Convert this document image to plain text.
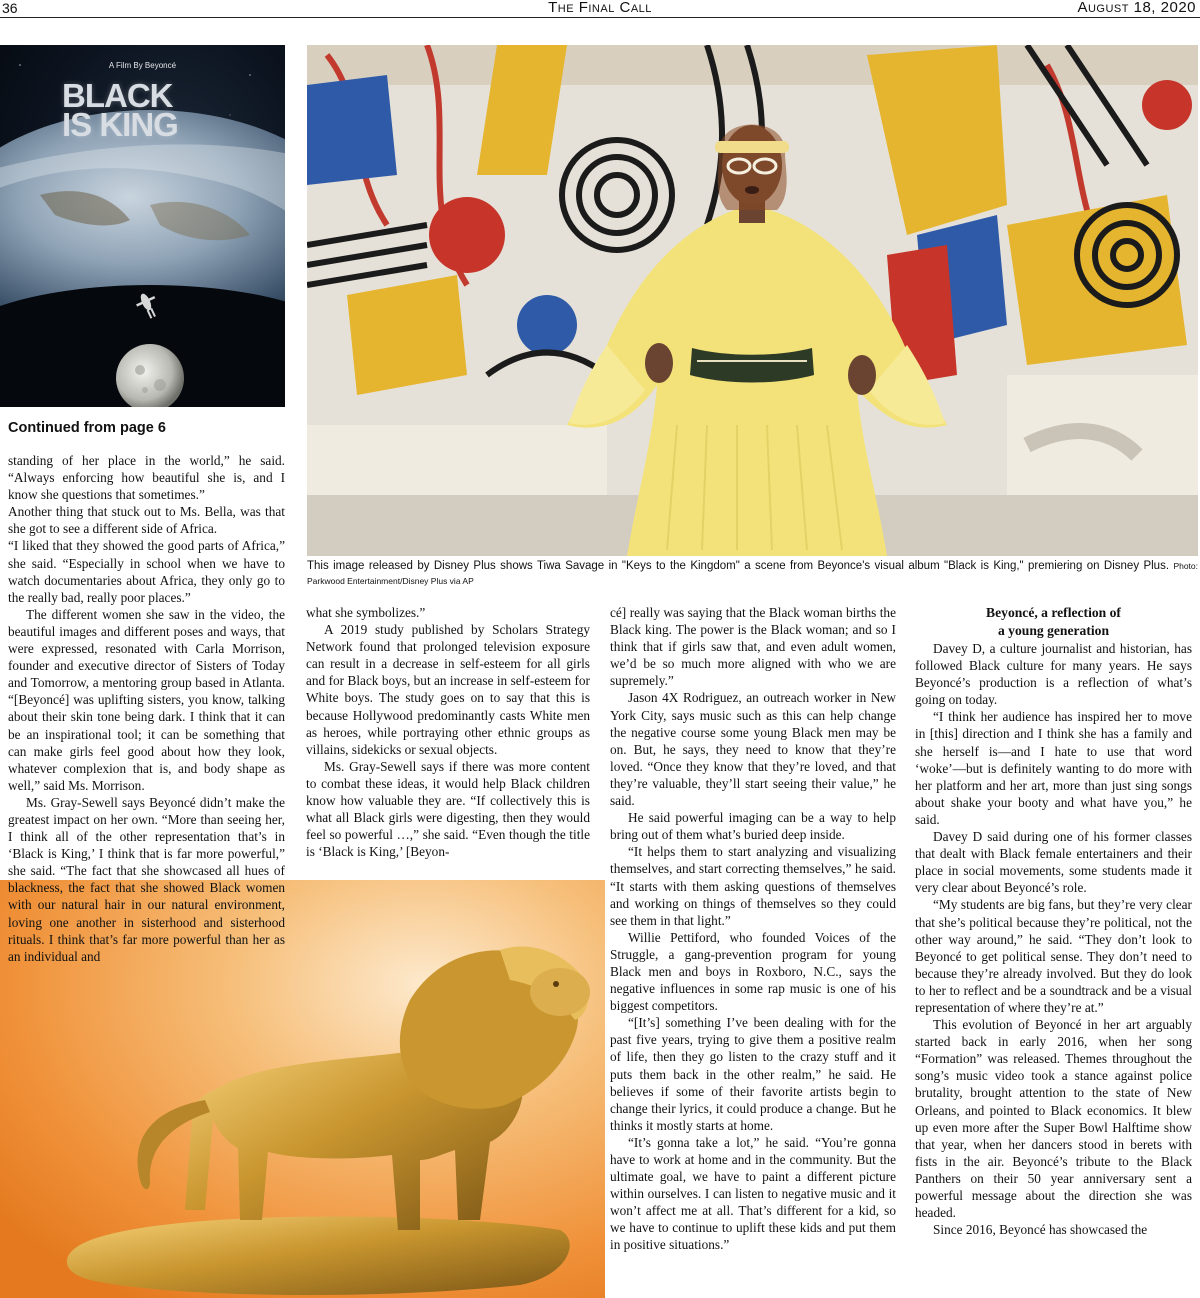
36	The Final Call	August 18, 2020
A Film By Beyoncé
BLACK
IS KING
This image released by Disney Plus shows Tiwa Savage in "Keys to the Kingdom" a scene from Beyonce's visual album "Black is King," premiering on Disney Plus. Photo: Parkwood Entertainment/Disney Plus via AP
Continued from page 6

standing of her place in the world,” he said. “Always enforcing how beautiful she is, and I know she questions that sometimes.”

Another thing that stuck out to Ms. Bella, was that she got to see a different side of Africa.

“I liked that they showed the good parts of Africa,” she said. “Especially in school when we have to watch documentaries about Africa, they only go to the really bad, really poor places.”

The different women she saw in the video, the beautiful images and different poses and ways, that were expressed, resonated with Carla Morrison, founder and executive director of Sisters of Today and Tomorrow, a mentoring group based in Atlanta. “[Beyoncé] was uplifting sisters, you know, talking about their skin tone being dark. I think that it can be an inspirational tool; it can be something that can make girls feel good about how they look, whatever complexion that is, and body shape as well,” said Ms. Morrison.

Ms. Gray-Sewell says Beyoncé didn’t make the greatest impact on her own. “More than seeing her, I think all of the other representation that’s in ‘Black is King,’ I think that is far more powerful,” she said. “The fact that she showcased all hues of blackness, the fact that she showed Black women with our natural hair in our natural environment, loving one another in sisterhood and sisterhood rituals. I think that’s far more powerful than her as an individual and

what she symbolizes.”

A 2019 study published by Scholars Strategy Network found that prolonged television exposure can result in a decrease in self-esteem for all girls and for Black boys, but an increase in self-esteem for White boys. The study goes on to say that this is because Hollywood predominantly casts White men as heroes, while portraying other ethnic groups as villains, sidekicks or sexual objects.

Ms. Gray-Sewell says if there was more content to combat these ideas, it would help Black children know how valuable they are. “If collectively this is what all Black girls were digesting, then they would feel so powerful …,” she said. “Even though the title is ‘Black is King,’ [Beyon-

cé] really was saying that the Black woman births the Black king. The power is the Black woman; and so I think that if girls saw that, and even adult women, we’d be so much more aligned with who we are supremely.”

Jason 4X Rodriguez, an outreach worker in New York City, says music such as this can help change the negative course some young Black men may be on. But, he says, they need to know that they’re loved. “Once they know that they’re loved, and that they’re valuable, they’ll start seeing their value,” he said.

He said powerful imaging can be a way to help bring out of them what’s buried deep inside.

“It helps them to start analyzing and visualizing themselves, and start correcting themselves,” he said. “It starts with them asking questions of themselves and working on things of themselves so they could see them in that light.”

Willie Pettiford, who founded Voices of the Struggle, a gang-prevention program for young Black men and boys in Roxboro, N.C., says the negative influences in some rap music is one of his biggest competitors.

“[It’s] something I’ve been dealing with for the past five years, trying to give them a positive realm of life, then they go listen to the crazy stuff and it puts them back in the other realm,” he said. He believes if some of their favorite artists begin to change their lyrics, it could produce a change. But he thinks it mostly starts at home.

“It’s gonna take a lot,” he said. “You’re gonna have to work at home and in the community. But the ultimate goal, we have to paint a different picture within ourselves. I can listen to negative music and it won’t affect me at all. That’s different for a kid, so we have to continue to uplift these kids and put them in positive situations.”

Beyoncé, a reflection of
a young generation

Davey D, a culture journalist and historian, has followed Black culture for many years. He says Beyoncé’s production is a reflection of what’s going on today.

“I think her audience has inspired her to move in [this] direction and I think she has a family and she herself is—and I hate to use that word ‘woke’—but is definitely wanting to do more with her platform and her art, more than just sing songs about shake your booty and what have you,” he said.

Davey D said during one of his former classes that dealt with Black female entertainers and their place in social movements, some students made it very clear about Beyoncé’s role.

“My students are big fans, but they’re very clear that she’s political because they’re political, not the other way around,” he said. “They don’t look to Beyoncé to get political sense. They don’t need to because they’re already involved. But they do look to her to reflect and be a soundtrack and be a visual representation of where they’re at.”

This evolution of Beyoncé in her art arguably started back in early 2016, when her song “Formation” was released. Themes throughout the song’s music video took a stance against police brutality, brought attention to the state of New Orleans, and pointed to Black economics. It blew up even more after the Super Bowl Halftime show that year, when her dancers stood in berets with fists in the air. Beyoncé’s tribute to the Black Panthers on their 50 year anniversary sent a powerful message about the direction she was headed.

Since 2016, Beyoncé has showcased the
